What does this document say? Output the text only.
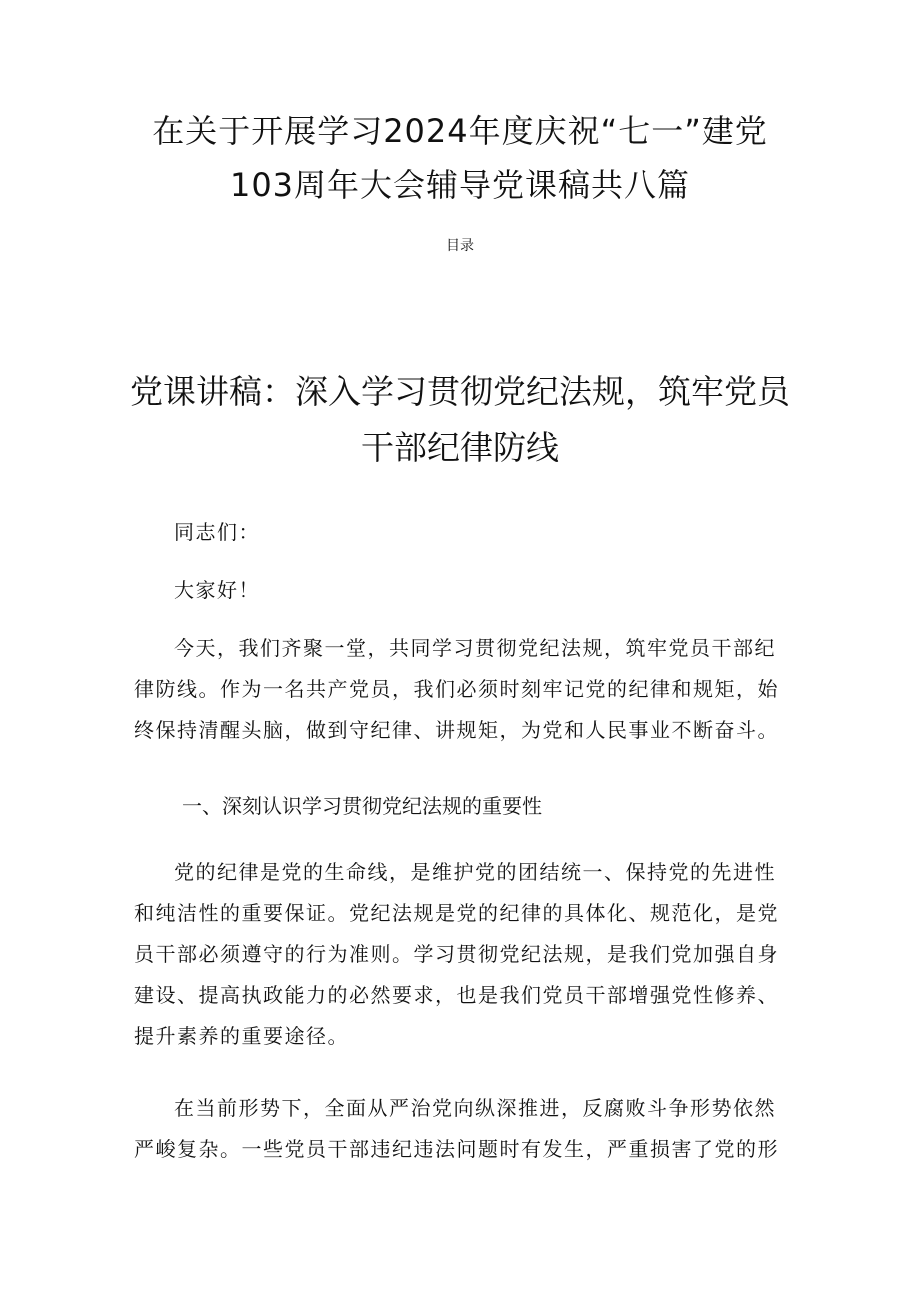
在关于开展学习2024年度庆祝“七一”建党103周年大会辅导党课稿共八篇
目录
党课讲稿：深入学习贯彻党纪法规，筑牢党员干部纪律防线

同志们：

大家好！

今天，我们齐聚一堂，共同学习贯彻党纪法规，筑牢党员干部纪律防线。作为一名共产党员，我们必须时刻牢记党的纪律和规矩，始终保持清醒头脑，做到守纪律、讲规矩，为党和人民事业不断奋斗。

一、深刻认识学习贯彻党纪法规的重要性

党的纪律是党的生命线，是维护党的团结统一、保持党的先进性和纯洁性的重要保证。党纪法规是党的纪律的具体化、规范化，是党员干部必须遵守的行为准则。学习贯彻党纪法规，是我们党加强自身建设、提高执政能力的必然要求，也是我们党员干部增强党性修养、提升素养的重要途径。

在当前形势下，全面从严治党向纵深推进，反腐败斗争形势依然严峻复杂。一些党员干部违纪违法问题时有发生，严重损害了党的形
